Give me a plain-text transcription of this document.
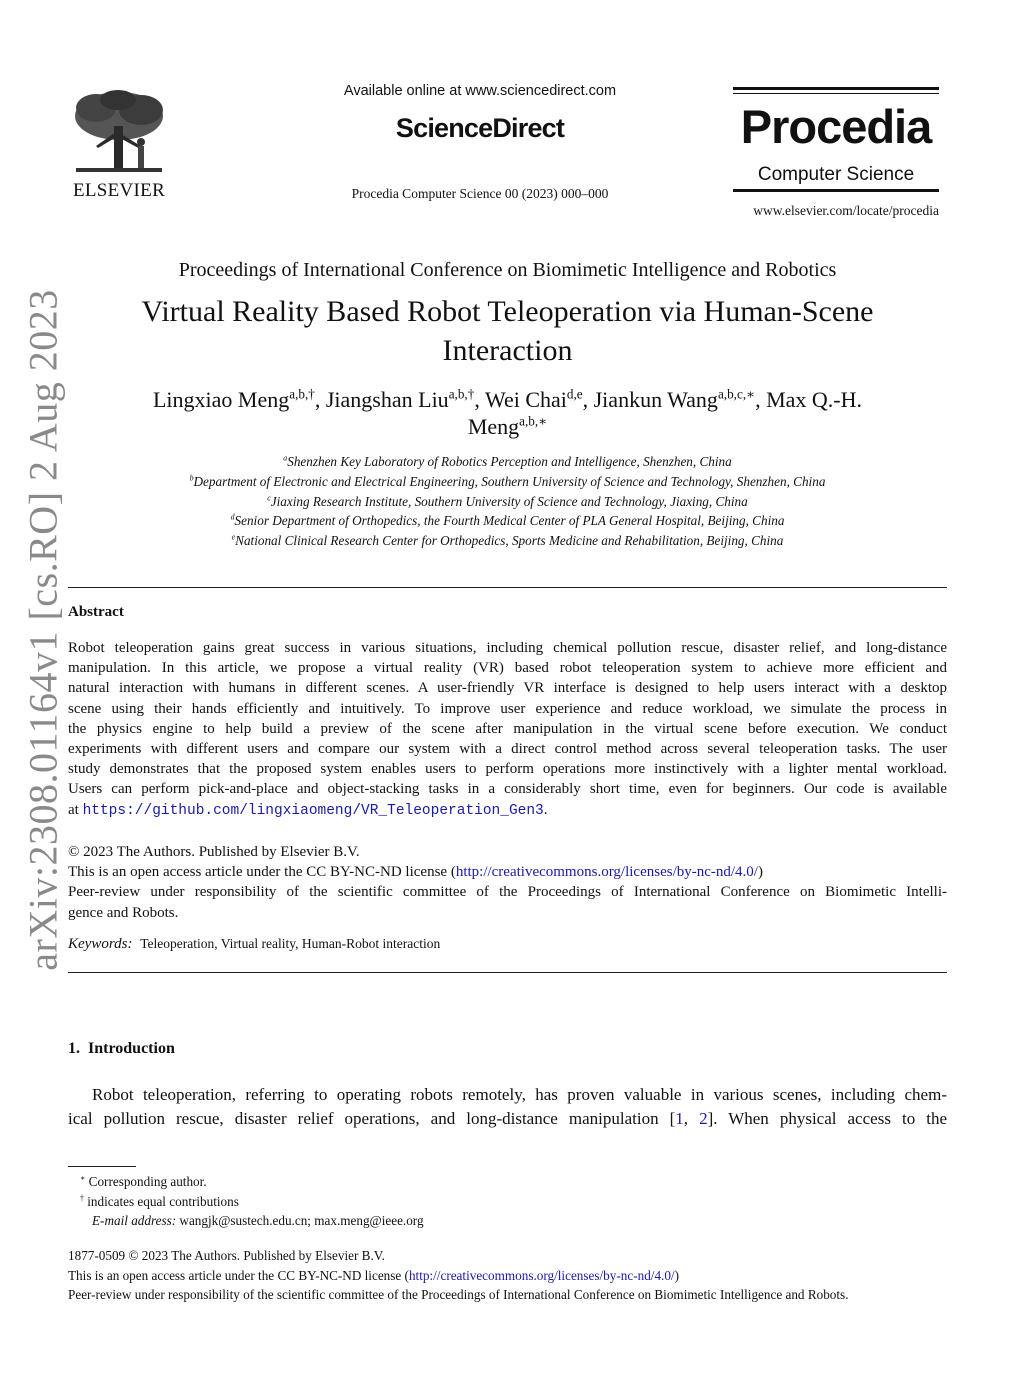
arXiv:2308.01164v1 [cs.RO] 2 Aug 2023
ELSEVIER
Available online at www.sciencedirect.com
ScienceDirect
Procedia Computer Science 00 (2023) 000–000
Procedia
Computer Science
www.elsevier.com/locate/procedia
Proceedings of International Conference on Biomimetic Intelligence and Robotics
Virtual Reality Based Robot Teleoperation via Human-Scene
Interaction
Lingxiao Meng$^{a,b,\dagger}$, Jiangshan Liu$^{a,b,\dagger}$, Wei Chai$^{d,e}$, Jiankun Wang$^{a,b,c,∗}$, Max Q.-H.
Meng$^{a,b,∗}$
$^a$Shenzhen Key Laboratory of Robotics Perception and Intelligence, Shenzhen, China
$^b$Department of Electronic and Electrical Engineering, Southern University of Science and Technology, Shenzhen, China
$^c$Jiaxing Research Institute, Southern University of Science and Technology, Jiaxing, China
$^d$Senior Department of Orthopedics, the Fourth Medical Center of PLA General Hospital, Beijing, China
$^e$National Clinical Research Center for Orthopedics, Sports Medicine and Rehabilitation, Beijing, China
Abstract
Robot teleoperation gains great success in various situations, including chemical pollution rescue, disaster relief, and long-distance
manipulation. In this article, we propose a virtual reality (VR) based robot teleoperation system to achieve more efficient and
natural interaction with humans in different scenes. A user-friendly VR interface is designed to help users interact with a desktop
scene using their hands efficiently and intuitively. To improve user experience and reduce workload, we simulate the process in
the physics engine to help build a preview of the scene after manipulation in the virtual scene before execution. We conduct
experiments with different users and compare our system with a direct control method across several teleoperation tasks. The user
study demonstrates that the proposed system enables users to perform operations more instinctively with a lighter mental workload.
Users can perform pick-and-place and object-stacking tasks in a considerably short time, even for beginners. Our code is available
at https://github.com/lingxiaomeng/VR_Teleoperation_Gen3.
© 2023 The Authors. Published by Elsevier B.V.
This is an open access article under the CC BY-NC-ND license (http://creativecommons.org/licenses/by-nc-nd/4.0/)
Peer-review under responsibility of the scientific committee of the Proceedings of International Conference on Biomimetic Intelli-
gence and Robots.
Keywords: Teleoperation, Virtual reality, Human-Robot interaction
1.  Introduction
Robot teleoperation, referring to operating robots remotely, has proven valuable in various scenes, including chem-
ical pollution rescue, disaster relief operations, and long-distance manipulation [1, 2]. When physical access to the
∗ Corresponding author.
† indicates equal contributions
E-mail address: wangjk@sustech.edu.cn; max.meng@ieee.org
1877-0509 © 2023 The Authors. Published by Elsevier B.V.
This is an open access article under the CC BY-NC-ND license (http://creativecommons.org/licenses/by-nc-nd/4.0/)
Peer-review under responsibility of the scientific committee of the Proceedings of International Conference on Biomimetic Intelligence and Robots.
